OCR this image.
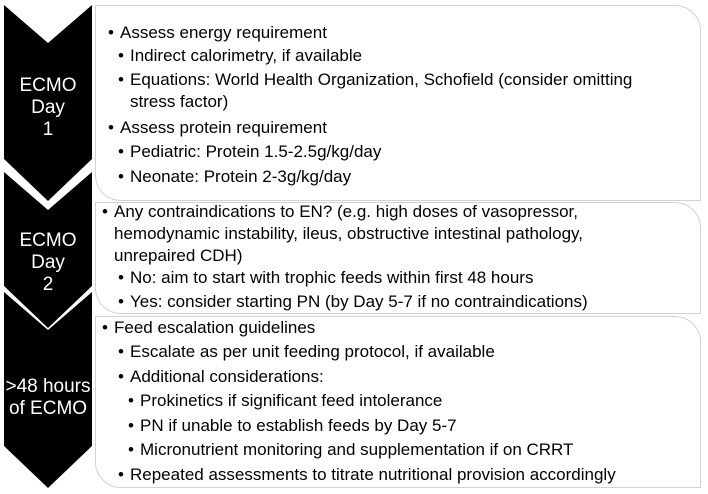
ECMO Day
1
• Assess energy requirement
• Indirect calorimetry, if available
• Equations: World Health Organization, Schofield (consider omitting
stress factor)
• Assess protein requirement
• Pediatric: Protein 1.5-2.5g/kg/day
• Neonate: Protein 2-3g/kg/day
ECMO Day
2
• Any contraindications to EN? (e.g. high doses of vasopressor,
hemodynamic instability, ileus, obstructive intestinal pathology,
unrepaired CDH)
• No: aim to start with trophic feeds within first 48 hours
• Yes: consider starting PN (by Day 5-7 if no contraindications)
>48 hours
of ECMO
• Feed escalation guidelines
• Escalate as per unit feeding protocol, if available
• Additional considerations:
• Prokinetics if significant feed intolerance
• PN if unable to establish feeds by Day 5-7
• Micronutrient monitoring and supplementation if on CRRT
• Repeated assessments to titrate nutritional provision accordingly
